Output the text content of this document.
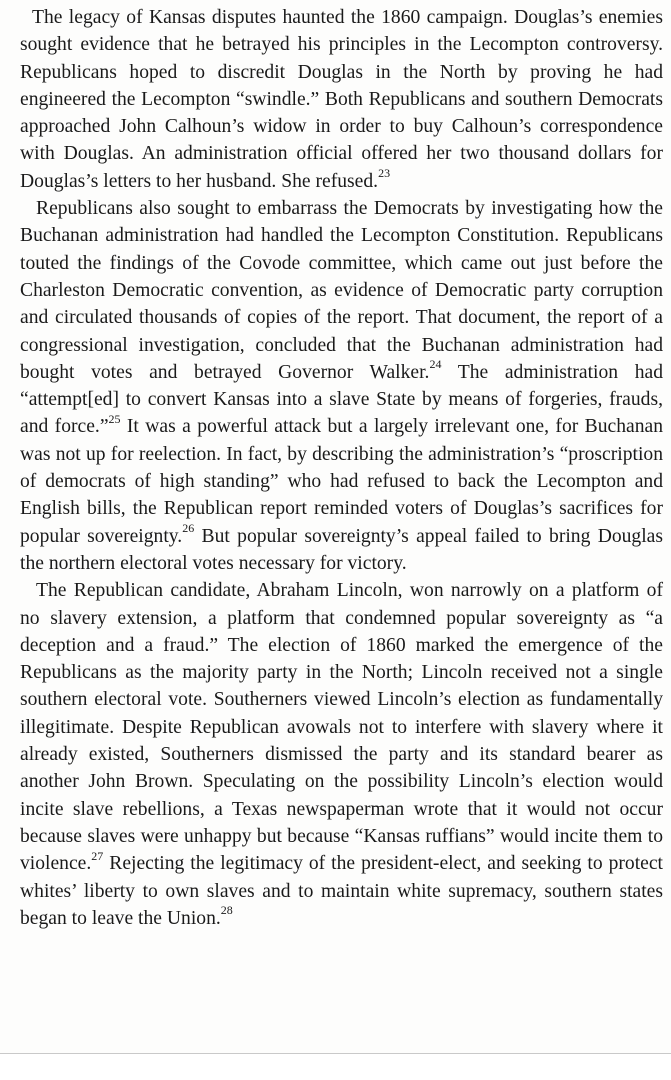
The legacy of Kansas disputes haunted the 1860 campaign. Douglas’s enemies sought evidence that he betrayed his principles in the Lecompton controversy. Republicans hoped to discredit Douglas in the North by proving he had engineered the Lecompton “swindle.” Both Republicans and southern Democrats approached John Calhoun’s widow in order to buy Calhoun’s correspondence with Douglas. An administration official offered her two thousand dollars for Douglas’s letters to her husband. She refused.$^{23}$

Republicans also sought to embarrass the Democrats by investigating how the Buchanan administration had handled the Lecompton Constitution. Republicans touted the findings of the Covode committee, which came out just before the Charleston Democratic convention, as evidence of Democratic party corruption and circulated thousands of copies of the report. That document, the report of a congressional investigation, concluded that the Buchanan administration had bought votes and betrayed Governor Walker.$^{24}$ The administration had “attempt[ed] to convert Kansas into a slave State by means of forgeries, frauds, and force.”$^{25}$ It was a powerful attack but a largely irrelevant one, for Buchanan was not up for reelection. In fact, by describing the administration’s “proscription of democrats of high standing” who had refused to back the Lecompton and English bills, the Republican report reminded voters of Douglas’s sacrifices for popular sovereignty.$^{26}$ But popular sovereignty’s appeal failed to bring Douglas the northern electoral votes necessary for victory.

The Republican candidate, Abraham Lincoln, won narrowly on a platform of no slavery extension, a platform that condemned popular sovereignty as “a deception and a fraud.” The election of 1860 marked the emergence of the Republicans as the majority party in the North; Lincoln received not a single southern electoral vote. Southerners viewed Lincoln’s election as fundamentally illegitimate. Despite Republican avowals not to interfere with slavery where it already existed, Southerners dismissed the party and its standard bearer as another John Brown. Speculating on the possibility Lincoln’s election would incite slave rebellions, a Texas newspaperman wrote that it would not occur because slaves were unhappy but because “Kansas ruffians” would incite them to violence.$^{27}$ Rejecting the legitimacy of the president-elect, and seeking to protect whites’ liberty to own slaves and to maintain white supremacy, southern states began to leave the Union.$^{28}$
